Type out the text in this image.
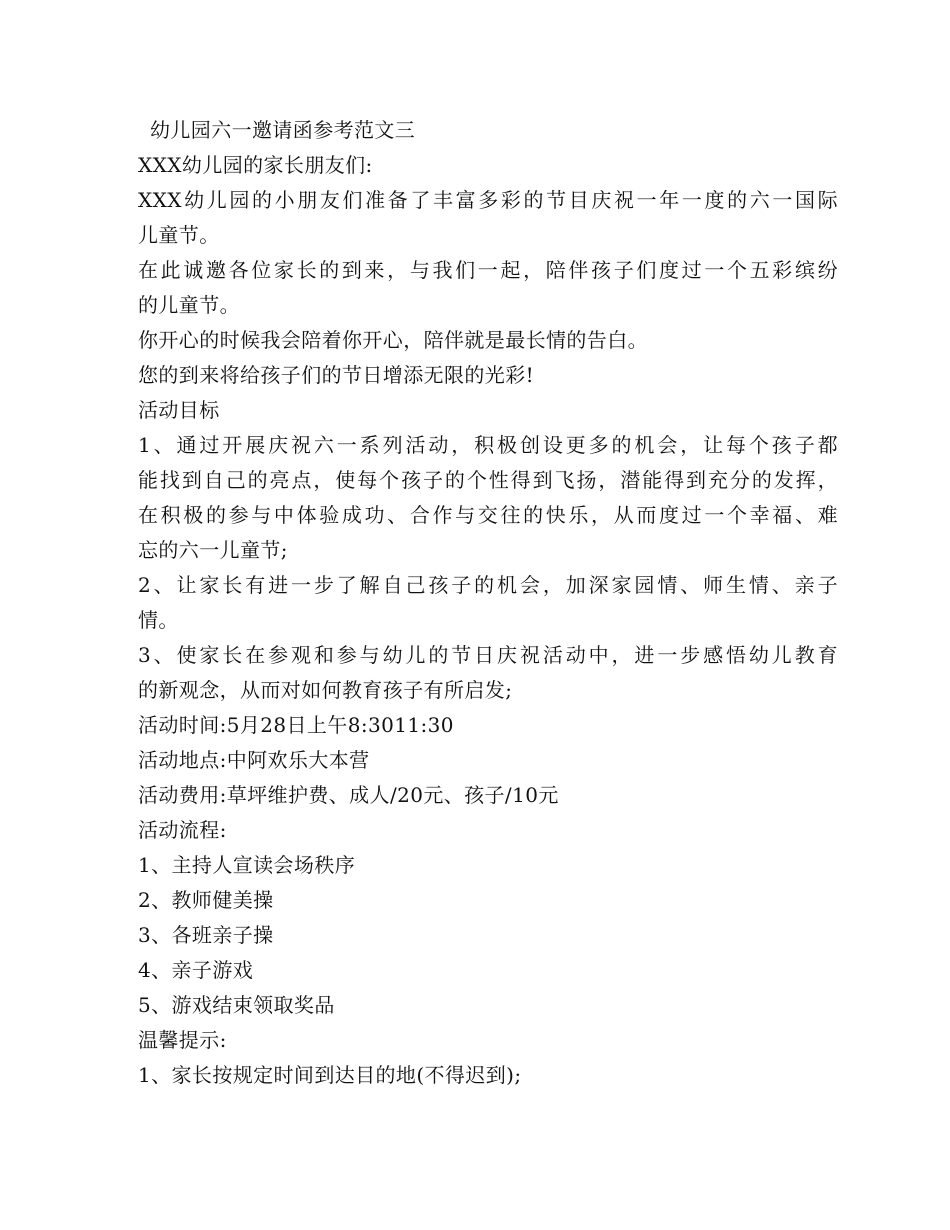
幼儿园六一邀请函参考范文三
XXX幼儿园的家长朋友们:
XXX幼儿园的小朋友们准备了丰富多彩的节目庆祝一年一度的六一国际
儿童节。
在此诚邀各位家长的到来，与我们一起，陪伴孩子们度过一个五彩缤纷
的儿童节。
你开心的时候我会陪着你开心，陪伴就是最长情的告白。
您的到来将给孩子们的节日增添无限的光彩!
活动目标
1、通过开展庆祝六一系列活动，积极创设更多的机会，让每个孩子都
能找到自己的亮点，使每个孩子的个性得到飞扬，潜能得到充分的发挥，
在积极的参与中体验成功、合作与交往的快乐，从而度过一个幸福、难
忘的六一儿童节;
2、让家长有进一步了解自己孩子的机会，加深家园情、师生情、亲子
情。
3、使家长在参观和参与幼儿的节日庆祝活动中，进一步感悟幼儿教育
的新观念，从而对如何教育孩子有所启发;
活动时间:5月28日上午8:3011:30
活动地点:中阿欢乐大本营
活动费用:草坪维护费、成人/20元、孩子/10元
活动流程:
1、主持人宣读会场秩序
2、教师健美操
3、各班亲子操
4、亲子游戏
5、游戏结束领取奖品
温馨提示:
1、家长按规定时间到达目的地(不得迟到);
